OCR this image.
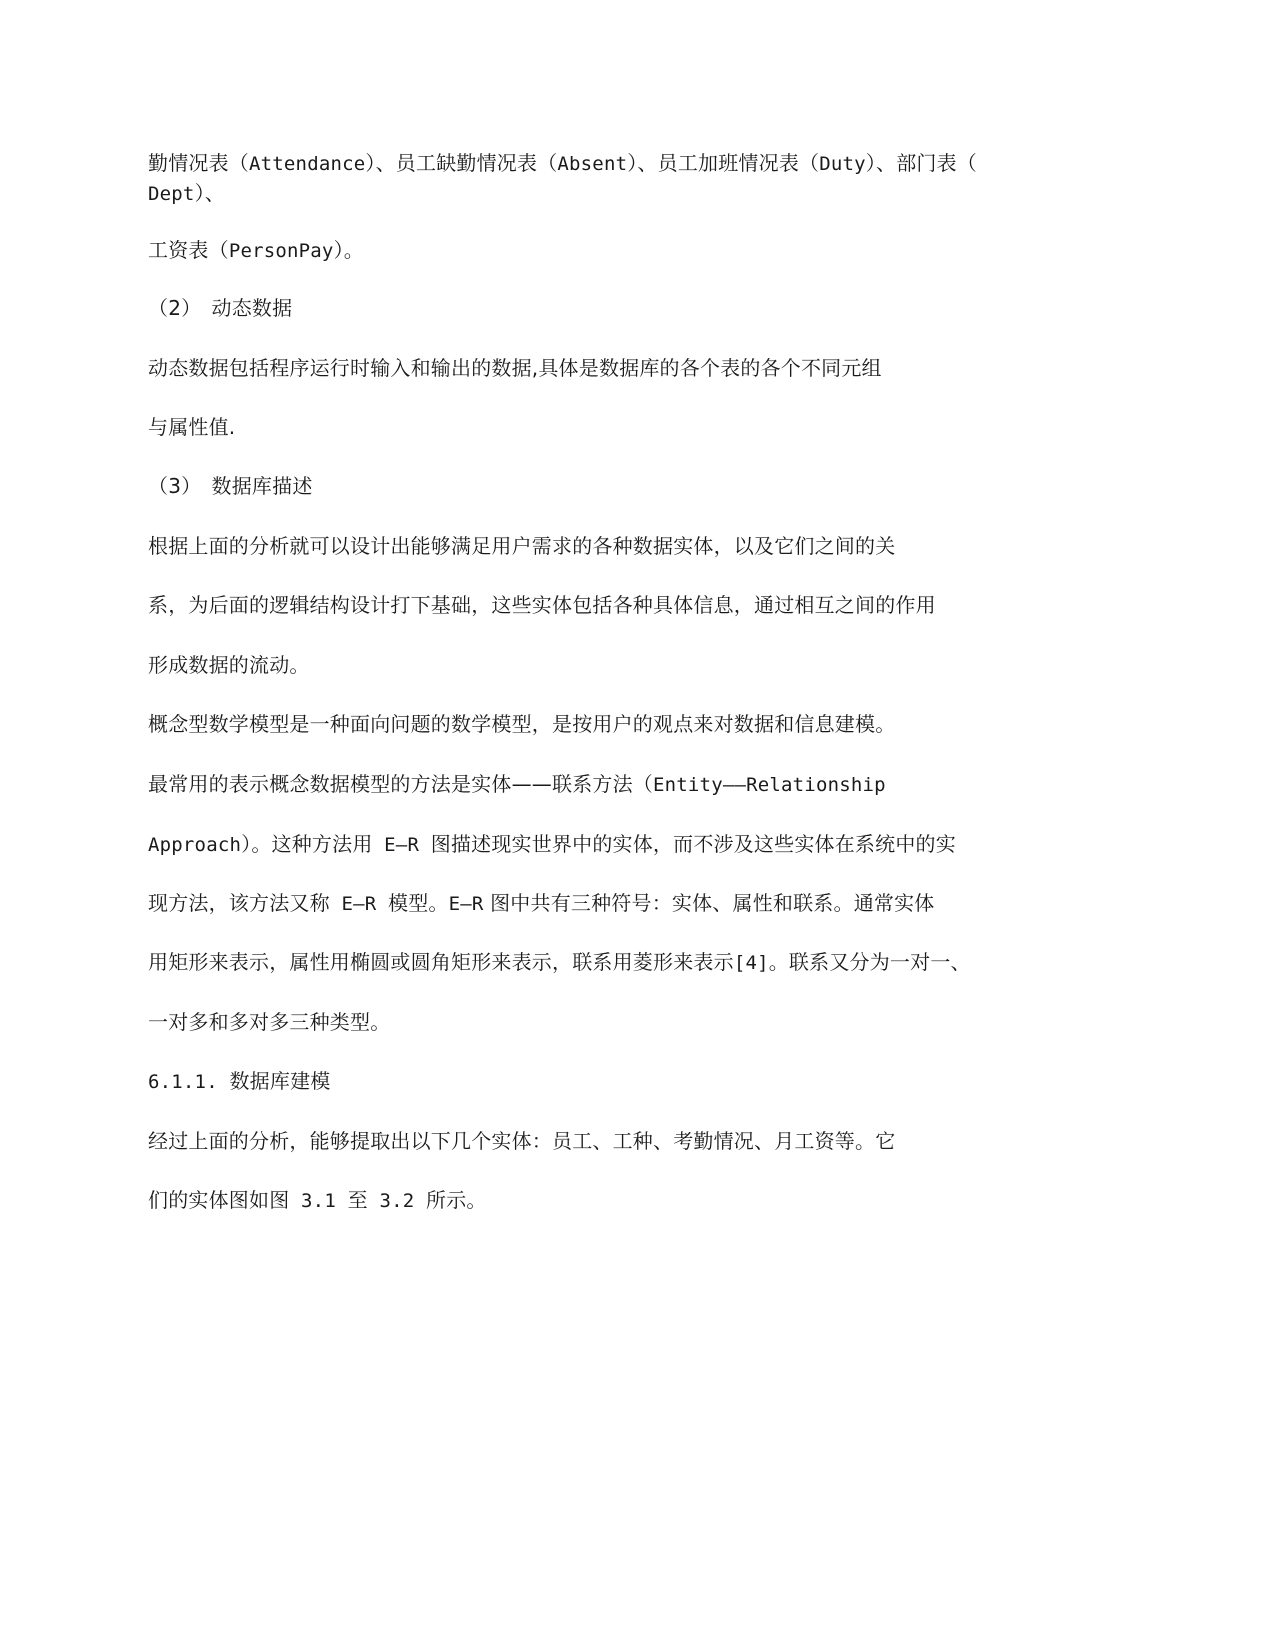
勤情况表（Attendance）、员工缺勤情况表（Absent）、员工加班情况表（Duty）、部门表（
Dept）、
工资表（PersonPay）。
（2）　动态数据
动态数据包括程序运行时输入和输出的数据,具体是数据库的各个表的各个不同元组
与属性值.
（3）　数据库描述
根据上面的分析就可以设计出能够满足用户需求的各种数据实体，以及它们之间的关
系，为后面的逻辑结构设计打下基础，这些实体包括各种具体信息，通过相互之间的作用
形成数据的流动。
概念型数学模型是一种面向问题的数学模型，是按用户的观点来对数据和信息建模。
最常用的表示概念数据模型的方法是实体——联系方法（Entity——Relationship
Approach）。这种方法用 E—R 图描述现实世界中的实体，而不涉及这些实体在系统中的实
现方法，该方法又称 E—R 模型。E—R 图中共有三种符号：实体、属性和联系。通常实体
用矩形来表示，属性用椭圆或圆角矩形来表示，联系用菱形来表示[4]。联系又分为一对一、
一对多和多对多三种类型。
6.1.1. 数据库建模
经过上面的分析，能够提取出以下几个实体：员工、工种、考勤情况、月工资等。它
们的实体图如图 3.1 至 3.2 所示。
